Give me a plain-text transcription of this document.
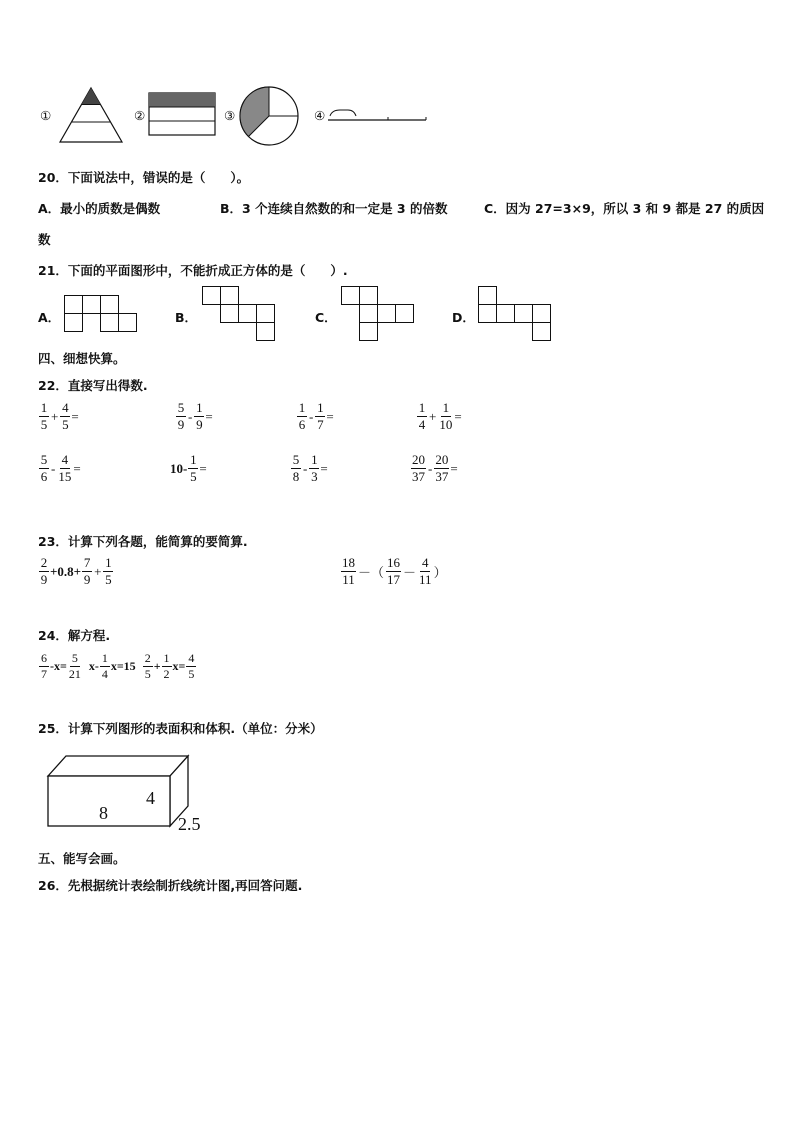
①	②	③	④
20．下面说法中，错误的是（　　）。
A．最小的质数是偶数	B．3 个连续自然数的和一定是 3 的倍数	C．因为 27=3×9，所以 3 和 9 都是 27 的质因
数
21．下面的平面图形中，不能折成正方体的是（　　）.
A．	B．	C．	D．
四、细想快算。
22．直接写出得数.
$\frac{1}{5} + \frac{4}{5}$ =	$\frac{5}{9} - \frac{1}{9}$ =	$\frac{1}{6} - \frac{1}{7}$ =	$\frac{1}{4} + \frac{1}{10}$ =
$\frac{5}{6} - \frac{4}{15}$ =	$10- \frac{1}{5}$ =	$\frac{5}{8} - \frac{1}{3}$ =	$\frac{20}{37} - \frac{20}{37}$ =
23．计算下列各题，能简算的要简算.
$\frac{2}{9} +0.8+ \frac{7}{9} + \frac{1}{5}$	$\frac{18}{11}$ －（ $\frac{16}{17} - \frac{4}{11}$ ）
24．解方程.
$\frac{6}{7} -x= \frac{5}{21} x- \frac{1}{4} x=15 \frac{2}{5} + \frac{1}{2} x= \frac{4}{5}$
25．计算下列图形的表面积和体积.（单位：分米）
8
4
2.5
五、能写会画。
26．先根据统计表绘制折线统计图,再回答问题.
